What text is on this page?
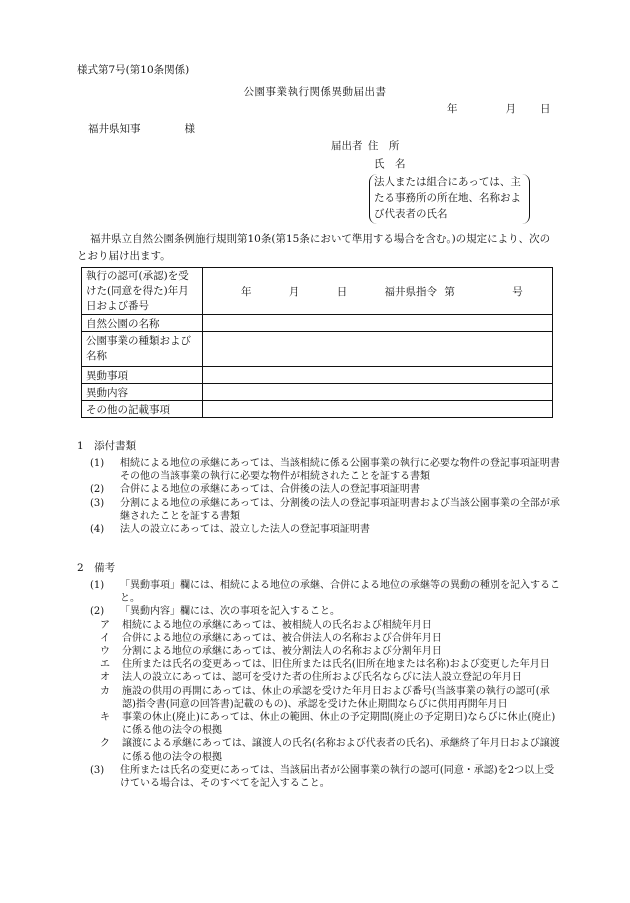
様式第7号(第10条関係)
公園事業執行関係異動届出書
年	月 日
福井県知事	様
届出者 住　所
氏　名
法人または組合にあっては、主たる事務所の所在地、名称および代表者の氏名
福井県立自然公園条例施行規則第10条(第15条において準用する場合を含む。)の規定により、次のとおり届け出ます。
執行の認可(承認)を受けた(同意を得た)年月日および番号	年 月 日 福井県指令 第 号
自然公園の名称	
公園事業の種類および名称	
異動事項	
異動内容	
その他の記載事項	
1　添付書類
(1)	相続による地位の承継にあっては、当該相続に係る公園事業の執行に必要な物件の登記事項証明書その他の当該事業の執行に必要な物件が相続されたことを証する書類
(2)	合併による地位の承継にあっては、合併後の法人の登記事項証明書
(3)	分割による地位の承継にあっては、分割後の法人の登記事項証明書および当該公園事業の全部が承継されたことを証する書類
(4)	法人の設立にあっては、設立した法人の登記事項証明書
2　備考
(1)	「異動事項」欄には、相続による地位の承継、合併による地位の承継等の異動の種別を記入すること。
(2)	「異動内容」欄には、次の事項を記入すること。
ア	相続による地位の承継にあっては、被相続人の氏名および相続年月日
イ	合併による地位の承継にあっては、被合併法人の名称および合併年月日
ウ	分割による地位の承継にあっては、被分割法人の名称および分割年月日
エ	住所または氏名の変更あっては、旧住所または氏名(旧所在地または名称)および変更した年月日
オ	法人の設立にあっては、認可を受けた者の住所および氏名ならびに法人設立登記の年月日
カ	施設の供用の再開にあっては、休止の承認を受けた年月日および番号(当該事業の執行の認可(承認)指令書(同意の回答書)記載のもの)、承認を受けた休止期間ならびに供用再開年月日
キ	事業の休止(廃止)にあっては、休止の範囲、休止の予定期間(廃止の予定期日)ならびに休止(廃止)に係る他の法令の根拠
ク	譲渡による承継にあっては、譲渡人の氏名(名称および代表者の氏名)、承継終了年月日および譲渡に係る他の法令の根拠
(3)	住所または氏名の変更にあっては、当該届出者が公園事業の執行の認可(同意・承認)を2つ以上受けている場合は、そのすべてを記入すること。
